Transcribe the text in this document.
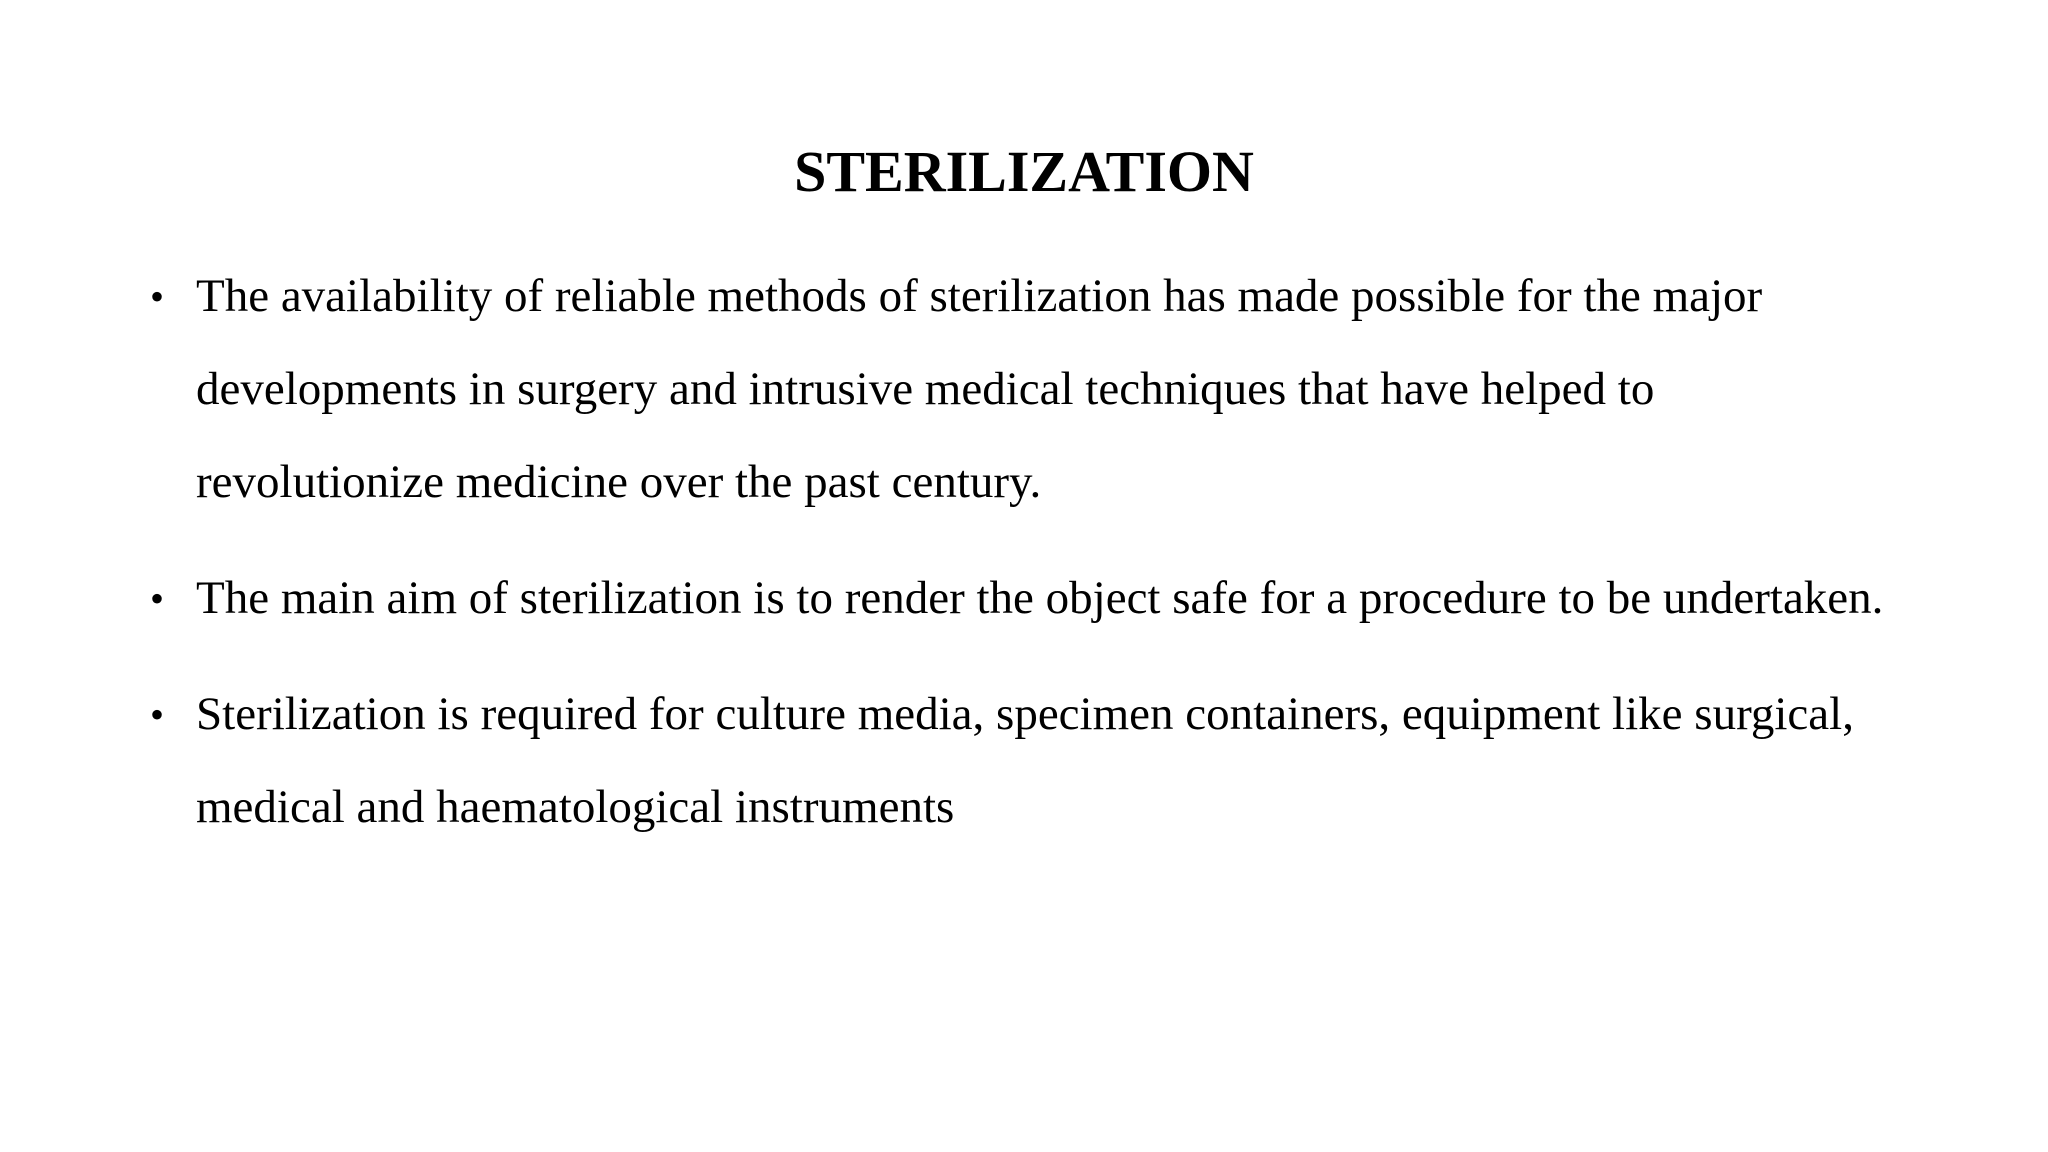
STERILIZATION
• The availability of reliable methods of sterilization has made possible for the major developments in surgery and intrusive medical techniques that have helped to revolutionize medicine over the past century.
• The main aim of sterilization is to render the object safe for a procedure to be undertaken.
• Sterilization is required for culture media, specimen containers, equipment like surgical, medical and haematological instruments
